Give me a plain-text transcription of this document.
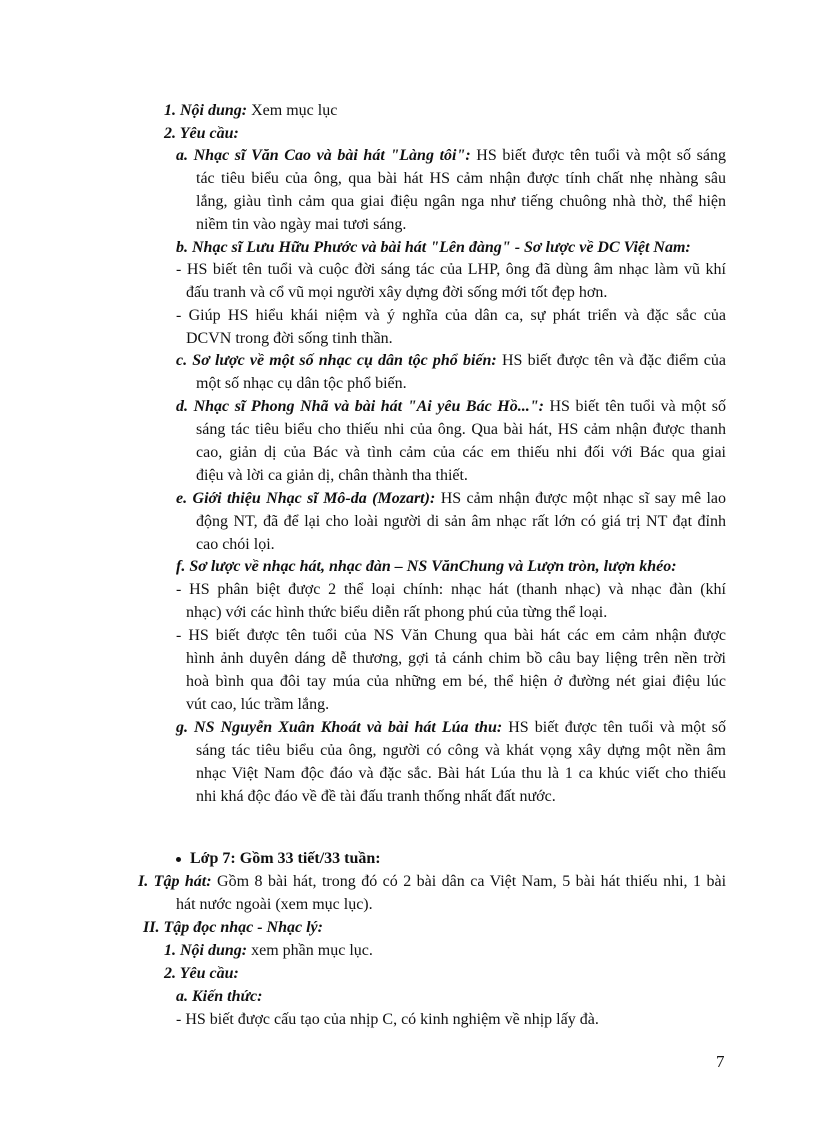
1. Nội dung: Xem mục lục
2. Yêu cầu:
a. Nhạc sĩ Văn Cao và bài hát "Làng tôi": HS biết được tên tuổi và một số sáng
tác tiêu biểu của ông, qua bài hát HS cảm nhận được tính chất nhẹ nhàng sâu
lắng, giàu tình cảm qua giai điệu ngân nga như tiếng chuông nhà thờ, thể hiện
niềm tin vào ngày mai tươi sáng.
b. Nhạc sĩ Lưu Hữu Phước và bài hát "Lên đàng" - Sơ lược về DC Việt Nam:
- HS biết tên tuổi và cuộc đời sáng tác của LHP, ông đã dùng âm nhạc làm vũ khí
đấu tranh và cổ vũ mọi người xây dựng đời sống mới tốt đẹp hơn.
- Giúp HS hiểu khái niệm và ý nghĩa của dân ca, sự phát triển và đặc sắc của
DCVN trong đời sống tinh thần.
c. Sơ lược về một số nhạc cụ dân tộc phổ biến: HS biết được tên và đặc điểm của
một số nhạc cụ dân tộc phổ biến.
d. Nhạc sĩ Phong Nhã và bài hát "Ai yêu Bác Hồ...": HS biết tên tuổi và một số
sáng tác tiêu biểu cho thiếu nhi của ông. Qua bài hát, HS cảm nhận được thanh
cao, giản dị của Bác và tình cảm của các em thiếu nhi đối với Bác qua giai
điệu và lời ca giản dị, chân thành tha thiết.
e. Giới thiệu Nhạc sĩ Mô-da (Mozart): HS cảm nhận được một nhạc sĩ say mê lao
động NT, đã để lại cho loài người di sản âm nhạc rất lớn có giá trị NT đạt đỉnh
cao chói lọi.
f. Sơ lược về nhạc hát, nhạc đàn – NS VănChung và Lượn tròn, lượn khéo:
- HS phân biệt được 2 thể loại chính: nhạc hát (thanh nhạc) và nhạc đàn (khí
nhạc) với các hình thức biểu diễn rất phong phú của từng thể loại.
- HS biết được tên tuổi của NS Văn Chung qua bài hát các em cảm nhận được
hình ảnh duyên dáng dễ thương, gợi tả cánh chim bồ câu bay liệng trên nền trời
hoà bình qua đôi tay múa của những em bé, thể hiện ở đường nét giai điệu lúc
vút cao, lúc trầm lắng.
g. NS Nguyễn Xuân Khoát và bài hát Lúa thu: HS biết được tên tuổi và một số
sáng tác tiêu biểu của ông, người có công và khát vọng xây dựng một nền âm
nhạc Việt Nam độc đáo và đặc sắc. Bài hát Lúa thu là 1 ca khúc viết cho thiếu
nhi khá độc đáo về đề tài đấu tranh thống nhất đất nước.
Lớp 7: Gồm 33 tiết/33 tuần:
I. Tập hát: Gồm 8 bài hát, trong đó có 2 bài dân ca Việt Nam, 5 bài hát thiếu nhi, 1 bài
hát nước ngoài (xem mục lục).
II. Tập đọc nhạc - Nhạc lý:
1. Nội dung: xem phần mục lục.
2. Yêu cầu:
a. Kiến thức:
- HS biết được cấu tạo của nhịp C, có kinh nghiệm về nhịp lấy đà.
7
